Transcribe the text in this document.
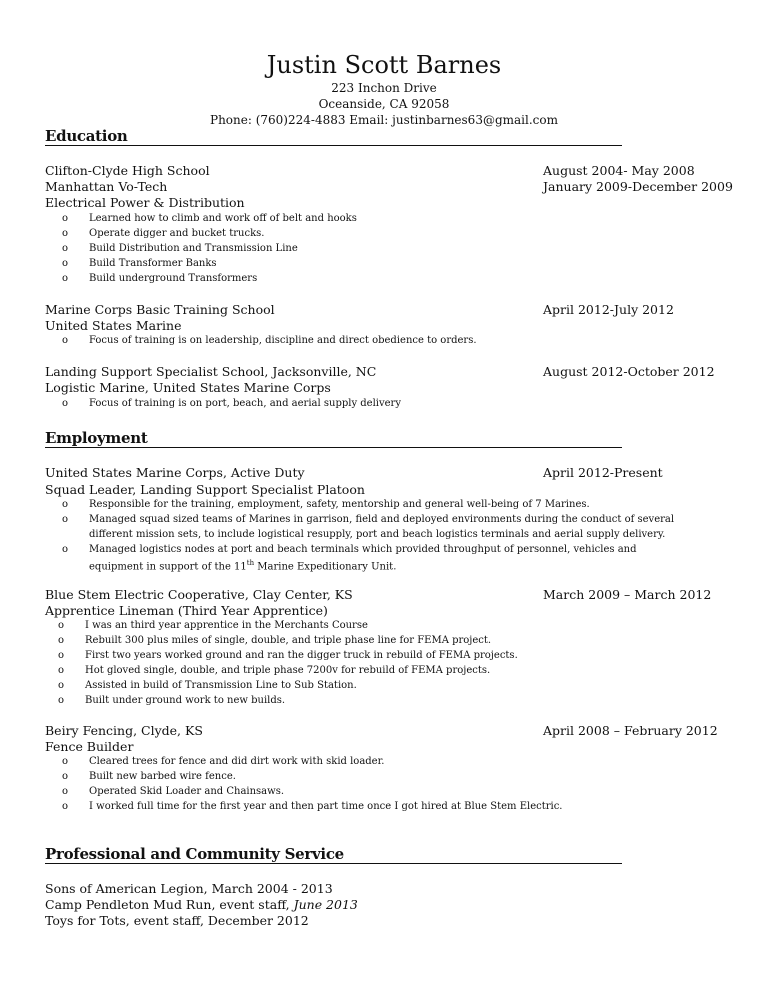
Justin Scott Barnes
223 Inchon Drive
Oceanside, CA 92058
Phone: (760)224-4883 Email: justinbarnes63@gmail.com
Education
Clifton-Clyde High School	August 2004- May 2008
Manhattan Vo-Tech	January 2009-December 2009
Electrical Power & Distribution
o Learned how to climb and work off of belt and hooks
o Operate digger and bucket trucks.
o Build Distribution and Transmission Line
o Build Transformer Banks
o Build underground Transformers
Marine Corps Basic Training School	April 2012-July 2012
United States Marine
o Focus of training is on leadership, discipline and direct obedience to orders.
Landing Support Specialist School, Jacksonville, NC	August 2012-October 2012
Logistic Marine, United States Marine Corps
o Focus of training is on port, beach, and aerial supply delivery
Employment
United States Marine Corps, Active Duty	April 2012-Present
Squad Leader, Landing Support Specialist Platoon
o Responsible for the training, employment, safety, mentorship and general well-being of 7 Marines.
o Managed squad sized teams of Marines in garrison, field and deployed environments during the conduct of several different mission sets, to include logistical resupply, port and beach logistics terminals and aerial supply delivery.
o Managed logistics nodes at port and beach terminals which provided throughput of personnel, vehicles and
equipment in support of the 11th Marine Expeditionary Unit.
Blue Stem Electric Cooperative, Clay Center, KS	March 2009 – March 2012
Apprentice Lineman (Third Year Apprentice)
o I was an third year apprentice in the Merchants Course
o Rebuilt 300 plus miles of single, double, and triple phase line for FEMA project.
o First two years worked ground and ran the digger truck in rebuild of FEMA projects.
o Hot gloved single, double, and triple phase 7200v for rebuild of FEMA projects.
o Assisted in build of Transmission Line to Sub Station.
o Built under ground work to new builds.
Beiry Fencing, Clyde, KS	April 2008 – February 2012
Fence Builder
o Cleared trees for fence and did dirt work with skid loader.
o Built new barbed wire fence.
o Operated Skid Loader and Chainsaws.
o I worked full time for the first year and then part time once I got hired at Blue Stem Electric.
Professional and Community Service
Sons of American Legion, March 2004 - 2013
Camp Pendleton Mud Run, event staff, June 2013
Toys for Tots, event staff, December 2012
